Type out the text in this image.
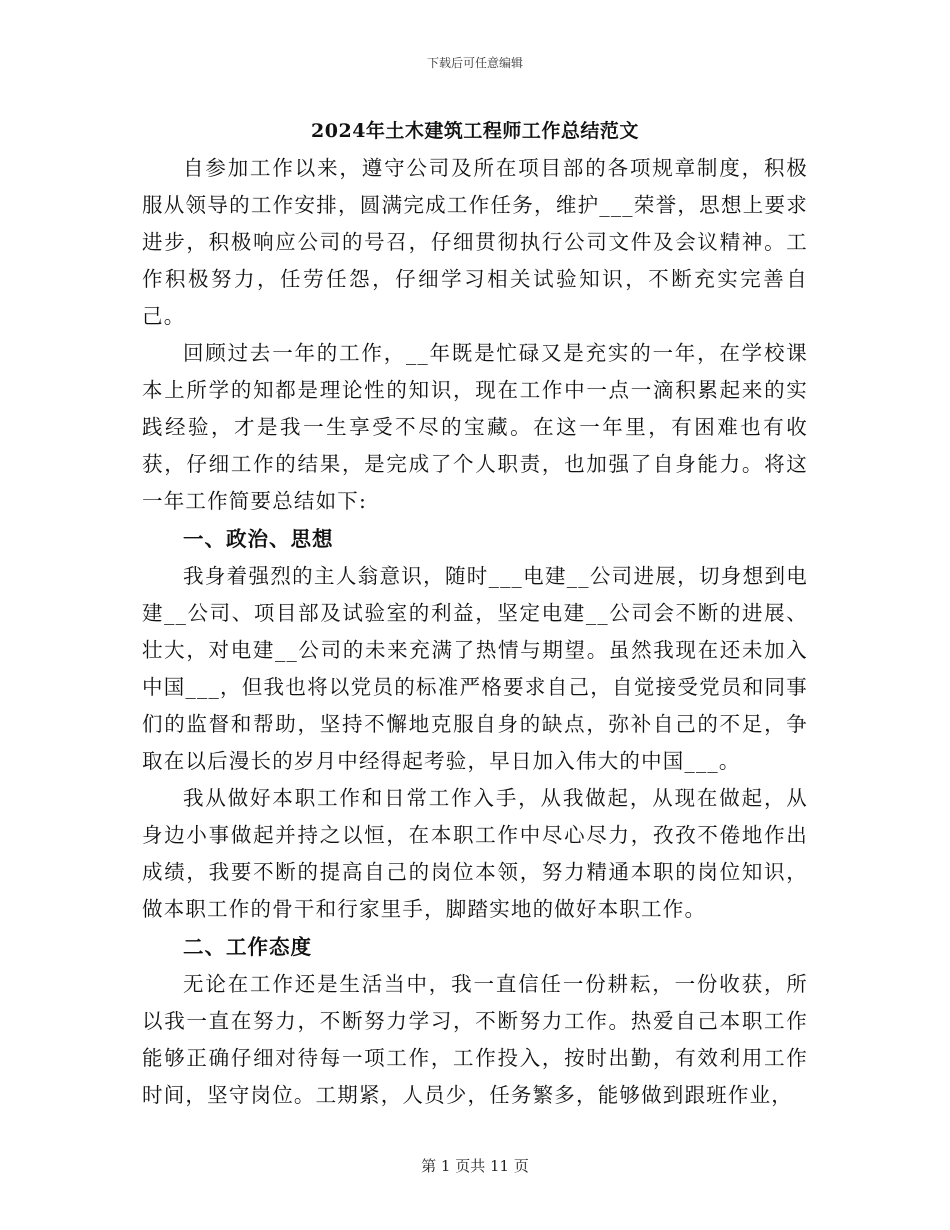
下载后可任意编辑
2024年土木建筑工程师工作总结范文

自参加工作以来，遵守公司及所在项目部的各项规章制度，积极服从领导的工作安排，圆满完成工作任务，维护___荣誉，思想上要求进步，积极响应公司的号召，仔细贯彻执行公司文件及会议精神。工作积极努力，任劳任怨，仔细学习相关试验知识，不断充实完善自己。

回顾过去一年的工作，__年既是忙碌又是充实的一年，在学校课本上所学的知都是理论性的知识，现在工作中一点一滴积累起来的实践经验，才是我一生享受不尽的宝藏。在这一年里，有困难也有收获，仔细工作的结果，是完成了个人职责，也加强了自身能力。将这一年工作简要总结如下:

一、政治、思想

我身着强烈的主人翁意识，随时___电建__公司进展，切身想到电建__公司、项目部及试验室的利益，坚定电建__公司会不断的进展、壮大，对电建__公司的未来充满了热情与期望。虽然我现在还未加入中国___，但我也将以党员的标准严格要求自己，自觉接受党员和同事们的监督和帮助，坚持不懈地克服自身的缺点，弥补自己的不足，争取在以后漫长的岁月中经得起考验，早日加入伟大的中国___。

我从做好本职工作和日常工作入手，从我做起，从现在做起，从身边小事做起并持之以恒，在本职工作中尽心尽力，孜孜不倦地作出成绩，我要不断的提高自己的岗位本领，努力精通本职的岗位知识，做本职工作的骨干和行家里手，脚踏实地的做好本职工作。

二、工作态度

无论在工作还是生活当中，我一直信任一份耕耘，一份收获，所以我一直在努力，不断努力学习，不断努力工作。热爱自己本职工作能够正确仔细对待每一项工作，工作投入，按时出勤，有效利用工作时间，坚守岗位。工期紧，人员少，任务繁多，能够做到跟班作业，

第 1 页共 11 页
